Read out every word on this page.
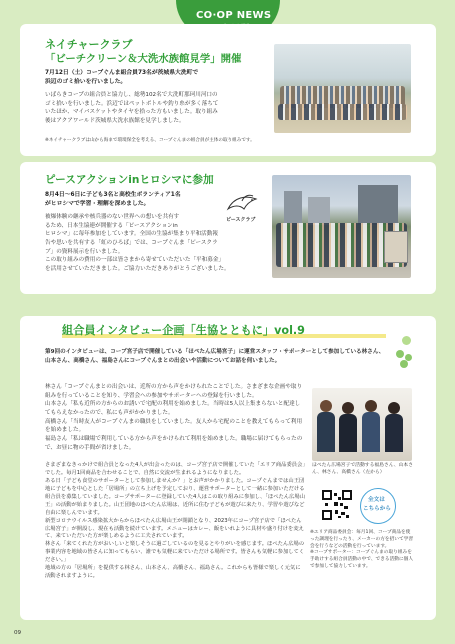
CO·OP NEWS
ネイチャークラブ
「ビーチクリーン＆大洗水族館見学」開催
7月12日（土）コープぐんま組合員73名が茨城県大洗町で
浜辺のゴミ拾いを行いました。
いばらきコープの組合員と協力し、総勢102名で大洗町那珂川河口の
ゴミ拾いを行いました。浜辺ではペットボトルや釣り糸が多く落ちて
いたほか、マイバスケットやタイヤを拾った方もいました。取り組み
後はアクアワールド茨城県大洗水族館を見学しました。
※ネイチャークラブは山から海まで環境保全を考える、コープぐんまの組合員が主体の取り組みです。
ピースアクションinヒロシマに参加
8月4日～6日に子ども3名と高校生ボランティア1名
がヒロシマで学習・理解を深めました。
被爆体験の継承や核兵器のない世界への想いを共有す
るため、日本生協連が開催する「ピースアクションin
ヒロシマ」に毎年参加をしています。全国の生協が集まり平和活動報
告や思いを共有する「虹のひろば」では、コープぐんま「ピースクラ
ブ」の資料展示を行いました。
この取り組みの費用の一部は皆さまから寄せていただいた「平和募金」
を活用させていただきました。ご協力いただきありがとうございました。
ピースクラブ
組合員インタビュー企画「生協とともに」vol.9
第9回のインタビューは、コープ宮子店で開催している「ほぺたん広場宮子」に運営スタッフ・サポーターとして参加している林さん、山本さん、高橋さん、福島さんにコープぐんまとの出会いや活動についてお話を伺いました。
林さん「コープぐんまとの出会いは、近所の方から声をかけられたことでした。さまざまな企画や取り組みを行っていることを知り、学習会への参加やサポーターへの登録を行いました。
山本さん「私も近所の方からのお誘いで宅配の利用を始めました。当時は5人以上集まらないと配達してもらえなかったので、私にも声がかかりました。
高橋さん「当時友人がコープぐんまの職員をしていました。友人から宅配のことを教えてもらって利用を始めました。
福島さん「私は職場で利用している方から声をかけられて利用を始めました。職場に届けてもらったので、お昼に物の手間が省けました。
ほぺたん広場宮子で活動する福島さん、山本さん、林さん、高橋さん（左から）
さまざまなきっかけで組合員となった4人が出会ったのは、コープ宮子店で開催していた「エリア商品委員会」でした。毎月1回商品を合わせることで、自然に交流が生まれるようになりました。
ある日「子ども食堂のサポーターとして参加しませんか？」とお声がかかりました。コープぐんまでは山王団地に子どもを中心とした「居場所」の立ち上げを予定しており、運営サポーターとして一緒に参加いただける組合員を募集していました。コープサポーターに登録していた4人はこの取り組みに参加し、「ほぺたん広場山王」の活動が始まりました。山王団地のほぺたん広場は、近所に住む子どもが遊びに来たり、学習や遊びなど自由に楽しんでいます。
新型コロナウイルス感染拡大からからほぺたん広場山王が閉鎖となり、2023年にコープ宮子店で「ほぺたん広場宮子」が開設し、現在も活動を続けています。メニューはカレー、飯をいれように具材や盛り付けを変えて、来ていただいた方が楽しめるように工夫されています。
林さん「来てくれた方がおいしいと楽しそうに過ごしているのを見るとやりがいを感じます。ほぺたん広場の事業内容を地域の皆さんに知ってもらい、誰でも気軽に来ていただける場所です。皆さんも気軽に参加してください。」
地域の方の「居場所」を提供する林さん、山本さん、高橋さん、福島さん。これからも皆様で楽しく元気に活動されますように。
全文は
こちらから
※エリア商品委員会：毎月1回、コープ商品を使った調理を行ったり、メーカーの方を招いて学習会を行うなどの活動を行っています。
※コープサポーター：コープぐんまの取り組みを手助けする組合員活動の中で、できる活動に個人で参加して協力しています。
09
